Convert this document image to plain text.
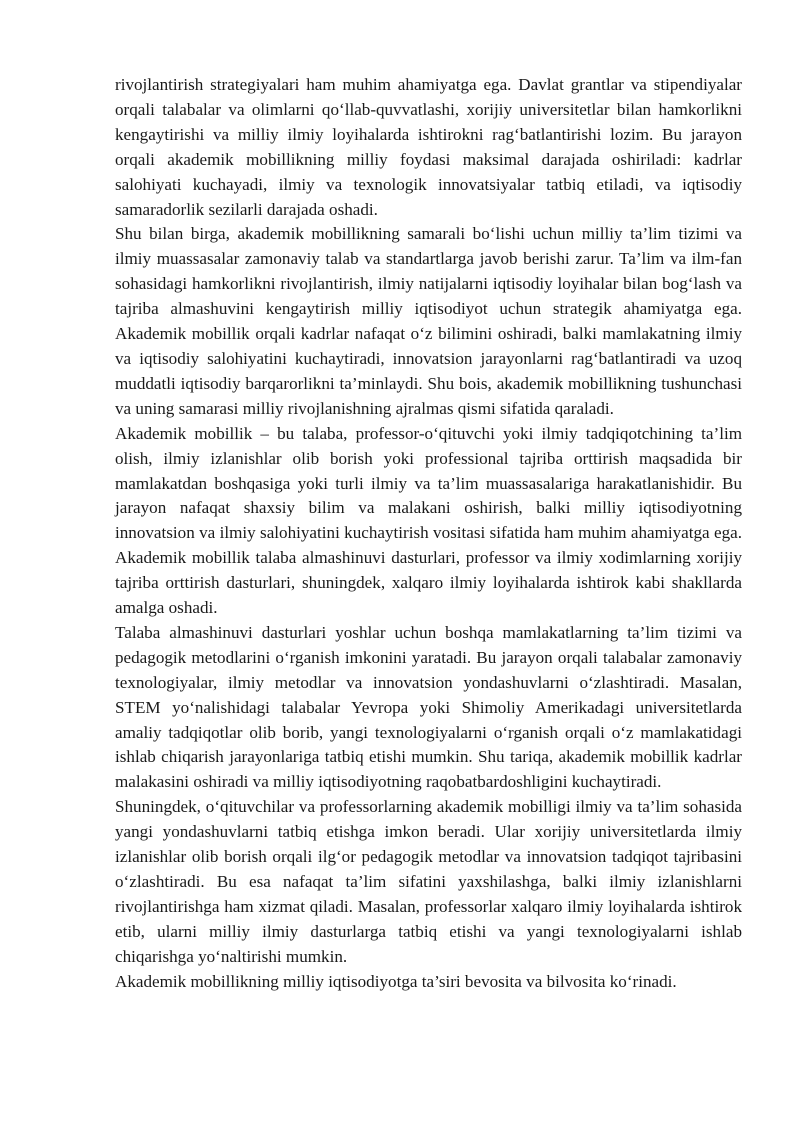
rivojlantirish strategiyalari ham muhim ahamiyatga ega. Davlat grantlar va stipendiyalar orqali talabalar va olimlarni qo‘llab-quvvatlashi, xorijiy universitetlar bilan hamkorlikni kengaytirishi va milliy ilmiy loyihalarda ishtirokni rag‘batlantirishi lozim. Bu jarayon orqali akademik mobillikning milliy foydasi maksimal darajada oshiriladi: kadrlar salohiyati kuchayadi, ilmiy va texnologik innovatsiyalar tatbiq etiladi, va iqtisodiy samaradorlik sezilarli darajada oshadi.

Shu bilan birga, akademik mobillikning samarali bo‘lishi uchun milliy ta’lim tizimi va ilmiy muassasalar zamonaviy talab va standartlarga javob berishi zarur. Ta’lim va ilm-fan sohasidagi hamkorlikni rivojlantirish, ilmiy natijalarni iqtisodiy loyihalar bilan bog‘lash va tajriba almashuvini kengaytirish milliy iqtisodiyot uchun strategik ahamiyatga ega. Akademik mobillik orqali kadrlar nafaqat o‘z bilimini oshiradi, balki mamlakatning ilmiy va iqtisodiy salohiyatini kuchaytiradi, innovatsion jarayonlarni rag‘batlantiradi va uzoq muddatli iqtisodiy barqarorlikni ta’minlaydi. Shu bois, akademik mobillikning tushunchasi va uning samarasi milliy rivojlanishning ajralmas qismi sifatida qaraladi.

Akademik mobillik – bu talaba, professor-o‘qituvchi yoki ilmiy tadqiqotchining ta’lim olish, ilmiy izlanishlar olib borish yoki professional tajriba orttirish maqsadida bir mamlakatdan boshqasiga yoki turli ilmiy va ta’lim muassasalariga harakatlanishidir. Bu jarayon nafaqat shaxsiy bilim va malakani oshirish, balki milliy iqtisodiyotning innovatsion va ilmiy salohiyatini kuchaytirish vositasi sifatida ham muhim ahamiyatga ega. Akademik mobillik talaba almashinuvi dasturlari, professor va ilmiy xodimlarning xorijiy tajriba orttirish dasturlari, shuningdek, xalqaro ilmiy loyihalarda ishtirok kabi shakllarda amalga oshadi.

Talaba almashinuvi dasturlari yoshlar uchun boshqa mamlakatlarning ta’lim tizimi va pedagogik metodlarini o‘rganish imkonini yaratadi. Bu jarayon orqali talabalar zamonaviy texnologiyalar, ilmiy metodlar va innovatsion yondashuvlarni o‘zlashtiradi. Masalan, STEM yo‘nalishidagi talabalar Yevropa yoki Shimoliy Amerikadagi universitetlarda amaliy tadqiqotlar olib borib, yangi texnologiyalarni o‘rganish orqali o‘z mamlakatidagi ishlab chiqarish jarayonlariga tatbiq etishi mumkin. Shu tariqa, akademik mobillik kadrlar malakasini oshiradi va milliy iqtisodiyotning raqobatbardoshligini kuchaytiradi.

Shuningdek, o‘qituvchilar va professorlarning akademik mobilligi ilmiy va ta’lim sohasida yangi yondashuvlarni tatbiq etishga imkon beradi. Ular xorijiy universitetlarda ilmiy izlanishlar olib borish orqali ilg‘or pedagogik metodlar va innovatsion tadqiqot tajribasini o‘zlashtiradi. Bu esa nafaqat ta’lim sifatini yaxshilashga, balki ilmiy izlanishlarni rivojlantirishga ham xizmat qiladi. Masalan, professorlar xalqaro ilmiy loyihalarda ishtirok etib, ularni milliy ilmiy dasturlarga tatbiq etishi va yangi texnologiyalarni ishlab chiqarishga yo‘naltirishi mumkin.

Akademik mobillikning milliy iqtisodiyotga ta’siri bevosita va bilvosita ko‘rinadi.
